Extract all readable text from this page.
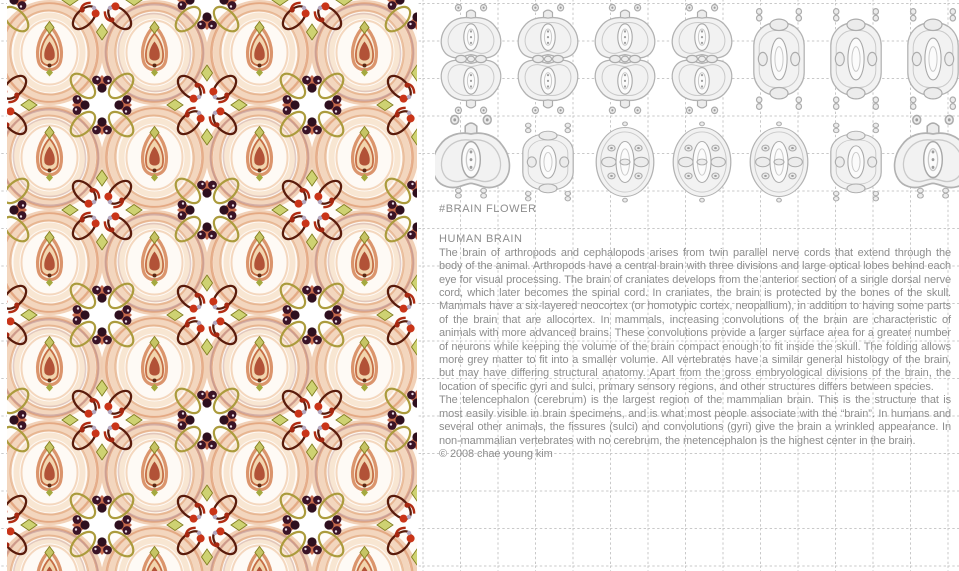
#BRAIN FLOWER
HUMAN BRAIN

The brain of arthropods and cephalopods arises from twin parallel nerve cords that extend through the body of the animal. Arthropods have a central brain with three divisions and large optical lobes behind each eye for visual processing. The brain of craniates develops from the anterior section of a single dorsal nerve cord, which later becomes the spinal cord. In craniates, the brain is protected by the bones of the skull. Mammals have a six-layered neocortex (or homotypic cortex, neopallium), in addition to having some parts of the brain that are allocortex. In mammals, increasing convolutions of the brain are characteristic of animals with more advanced brains. These convolutions provide a larger surface area for a greater number of neurons while keeping the volume of the brain compact enough to fit inside the skull. The folding allows more grey matter to fit into a smaller volume. All vertebrates have a similar general histology of the brain, but may have differing structural anatomy. Apart from the gross embryological divisions of the brain, the location of specific gyri and sulci, primary sensory regions, and other structures differs between species.

The telencephalon (cerebrum) is the largest region of the mammalian brain. This is the structure that is most easily visible in brain specimens, and is what most people associate with the “brain”. In humans and several other animals, the fissures (sulci) and convolutions (gyri) give the brain a wrinkled appearance. In non-mammalian vertebrates with no cerebrum, the metencephalon is the highest center in the brain.

© 2008 chae young kim
